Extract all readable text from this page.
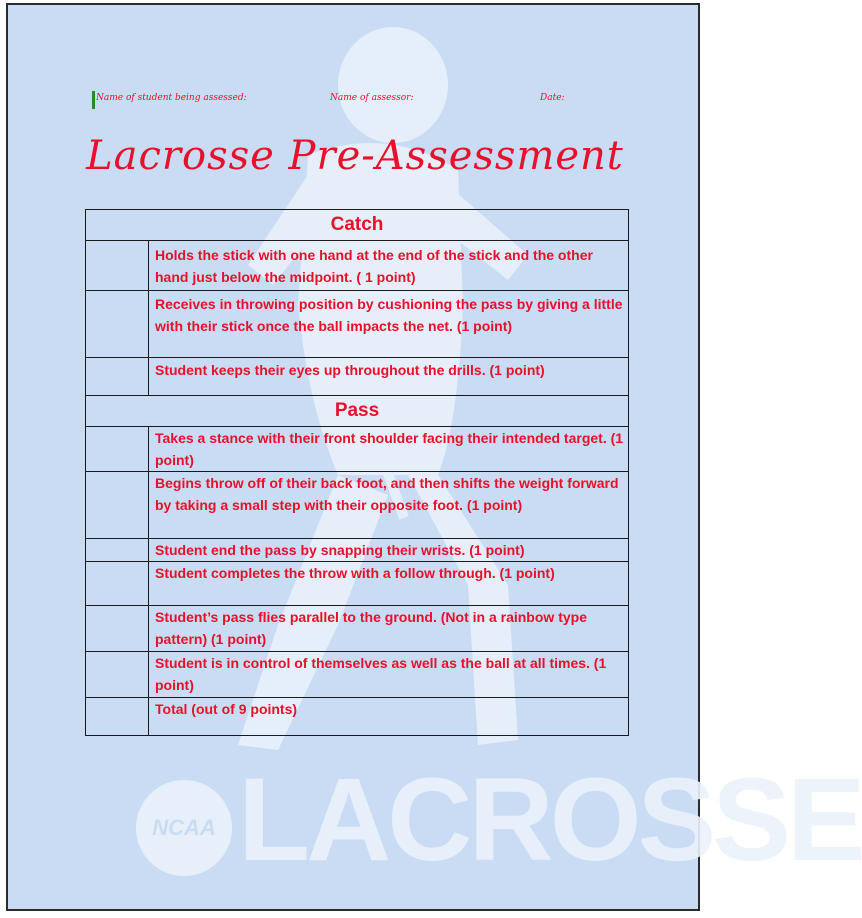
NCAA LACROSSE
Name of student being assessed:	Name of assessor:	Date:
Lacrosse Pre-Assessment
Catch	
	Holds the stick with one hand at the end of the stick and the other hand just below the midpoint. ( 1 point)
	Receives in throwing position by cushioning the pass by giving a little with their stick once the ball impacts the net. (1 point)
	Student keeps their eyes up throughout the drills. (1 point)
Pass	
	Takes a stance with their front shoulder facing their intended target. (1 point)
	Begins throw off of their back foot, and then shifts the weight forward by taking a small step with their opposite foot. (1 point)
	Student end the pass by snapping their wrists. (1 point)
	Student completes the throw with a follow through. (1 point)
	Student’s pass flies parallel to the ground. (Not in a rainbow type pattern) (1 point)
	Student is in control of themselves as well as the ball at all times. (1 point)
	Total (out of 9 points)
